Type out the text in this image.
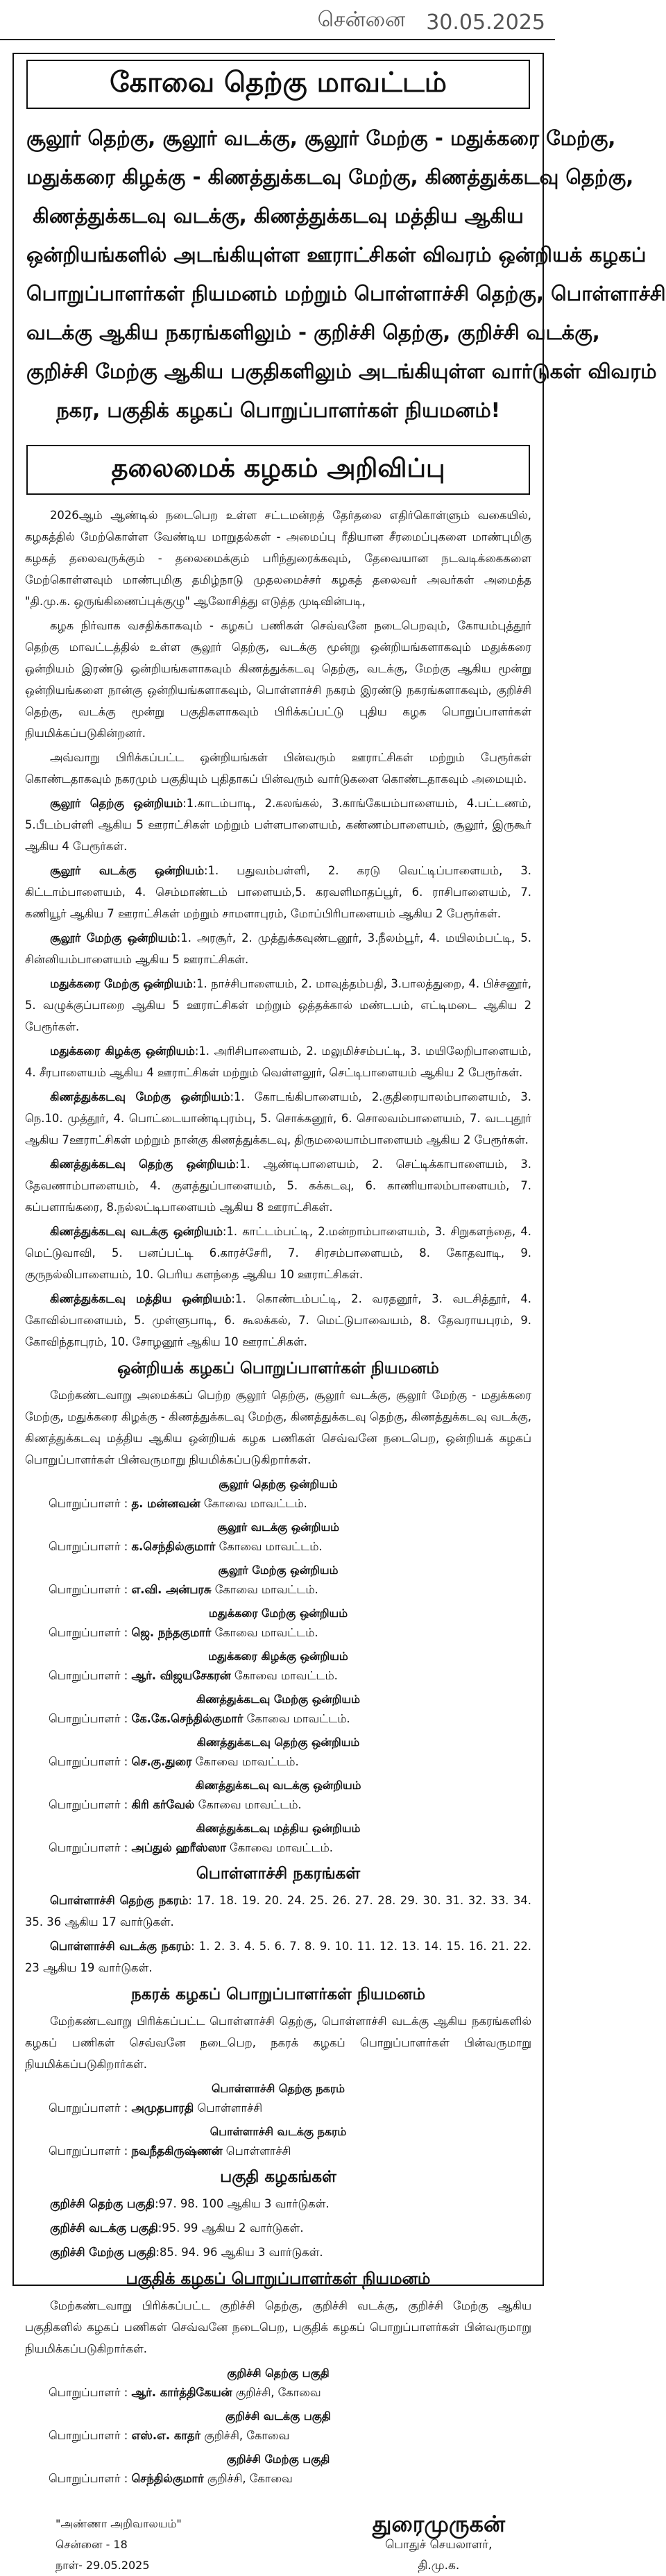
சென்னை 30.05.2025
கோவை தெற்கு மாவட்டம்
சூலூர் தெற்கு, சூலூர் வடக்கு, சூலூர் மேற்கு - மதுக்கரை மேற்கு,
மதுக்கரை கிழக்கு - கிணத்துக்கடவு மேற்கு, கிணத்துக்கடவு தெற்கு,
கிணத்துக்கடவு வடக்கு, கிணத்துக்கடவு மத்திய ஆகிய
ஒன்றியங்களில் அடங்கியுள்ள ஊராட்சிகள் விவரம் ஒன்றியக் கழகப்
பொறுப்பாளர்கள் நியமனம் மற்றும் பொள்ளாச்சி தெற்கு, பொள்ளாச்சி
வடக்கு ஆகிய நகரங்களிலும் - குறிச்சி தெற்கு, குறிச்சி வடக்கு,
குறிச்சி மேற்கு ஆகிய பகுதிகளிலும் அடங்கியுள்ள வார்டுகள் விவரம்
நகர, பகுதிக் கழகப் பொறுப்பாளர்கள் நியமனம்!
தலைமைக் கழகம் அறிவிப்பு

2026ஆம் ஆண்டில் நடைபெற உள்ள சட்டமன்றத் தேர்தலை எதிர்கொள்ளும் வகையில், கழகத்தில் மேற்கொள்ள வேண்டிய மாறுதல்கள் - அமைப்பு ரீதியான சீரமைப்புகளை மாண்புமிகு கழகத் தலைவருக்கும் - தலைமைக்கும் பரிந்துரைக்கவும், தேவையான நடவடிக்கைகளை மேற்கொள்ளவும் மாண்புமிகு தமிழ்நாடு முதலமைச்சர் கழகத் தலைவர் அவர்கள் அமைத்த "தி.மு.க. ஒருங்கிணைப்புக்குழு" ஆலோசித்து எடுத்த முடிவின்படி,

கழக நிர்வாக வசதிக்காகவும் - கழகப் பணிகள் செவ்வனே நடைபெறவும், கோயம்புத்தூர் தெற்கு மாவட்டத்தில் உள்ள சூலூர் தெற்கு, வடக்கு மூன்று ஒன்றியங்களாகவும் மதுக்கரை ஒன்றியம் இரண்டு ஒன்றியங்களாகவும் கிணத்துக்கடவு தெற்கு, வடக்கு, மேற்கு ஆகிய மூன்று ஒன்றியங்களை நான்கு ஒன்றியங்களாகவும், பொள்ளாச்சி நகரம் இரண்டு நகரங்களாகவும், குறிச்சி தெற்கு, வடக்கு மூன்று பகுதிகளாகவும் பிரிக்கப்பட்டு புதிய கழக பொறுப்பாளர்கள் நியமிக்கப்படுகின்றனர்.

அவ்வாறு பிரிக்கப்பட்ட ஒன்றியங்கள் பின்வரும் ஊராட்சிகள் மற்றும் பேரூர்கள் கொண்டதாகவும் நகரமும் பகுதியும் புதிதாகப் பின்வரும் வார்டுகளை கொண்டதாகவும் அமையும்.

சூலூர் தெற்கு ஒன்றியம்:1.காடம்பாடி, 2.கலங்கல், 3.காங்கேயம்பாளையம், 4.பட்டணம், 5.பீடம்பள்ளி ஆகிய 5 ஊராட்சிகள் மற்றும் பள்ளபாளையம், கண்ணம்பாளையம், சூலூர், இருகூர் ஆகிய 4 பேரூர்கள்.

சூலூர் வடக்கு ஒன்றியம்:1. பதுவம்பள்ளி, 2. கரடு வெட்டிப்பாளையம், 3. கிட்டாம்பாளையம், 4. செம்மாண்டம் பாளையம்,5. கரவளிமாதப்பூர், 6. ராசிபாளையம், 7. கணியூர் ஆகிய 7 ஊராட்சிகள் மற்றும் சாமளாபுரம், மோப்பிரிபாளையம் ஆகிய 2 பேரூர்கள்.

சூலூர் மேற்கு ஒன்றியம்:1. அரசூர், 2. முத்துக்கவுண்டனூர், 3.நீலம்பூர், 4. மயிலம்பட்டி, 5. சின்னியம்பாளையம் ஆகிய 5 ஊராட்சிகள்.

மதுக்கரை மேற்கு ஒன்றியம்:1. நாச்சிபாளையம், 2. மாவுத்தம்பதி, 3.பாலத்துறை, 4. பிச்சனூர், 5. வழுக்குப்பாறை ஆகிய 5 ஊராட்சிகள் மற்றும் ஒத்தக்கால் மண்டபம், எட்டிமடை ஆகிய 2 பேரூர்கள்.

மதுக்கரை கிழக்கு ஒன்றியம்:1. அரிசிபாளையம், 2. மலுமிச்சம்பட்டி, 3. மயிலேறிபாளையம், 4. சீரபாளையம் ஆகிய 4 ஊராட்சிகள் மற்றும் வெள்ளலூர், செட்டிபாளையம் ஆகிய 2 பேரூர்கள்.

கிணத்துக்கடவு மேற்கு ஒன்றியம்:1. கோடங்கிபாளையம், 2.குதிரையாலம்பாளையம், 3. நெ.10. முத்தூர், 4. பொட்டையாண்டிபுரம்பு, 5. சொக்கனூர், 6. சொலவம்பாளையம், 7. வடபுதூர் ஆகிய 7ஊராட்சிகள் மற்றும் நான்கு கிணத்துக்கடவு, திருமலையாம்பாளையம் ஆகிய 2 பேரூர்கள்.

கிணத்துக்கடவு தெற்கு ஒன்றியம்:1. ஆண்டிபாளையம், 2. செட்டிக்காபாளையம், 3. தேவணாம்பாளையம், 4. குளத்துப்பாளையம், 5. கக்கடவு, 6. காணியாலம்பாளையம், 7. கப்பளாங்கரை, 8.நல்லட்டிபாளையம் ஆகிய 8 ஊராட்சிகள்.

கிணத்துக்கடவு வடக்கு ஒன்றியம்:1. காட்டம்பட்டி, 2.மன்றாம்பாளையம், 3. சிறுகளந்தை, 4. மெட்டுவாவி, 5. பனப்பட்டி 6.காரச்சேரி, 7. சிரசம்பாளையம், 8. கோதவாடி, 9. குருநல்லிபாளையம், 10. பெரிய களந்தை ஆகிய 10 ஊராட்சிகள்.

கிணத்துக்கடவு மத்திய ஒன்றியம்:1. கொண்டம்பட்டி, 2. வரதனூர், 3. வடசித்தூர், 4. கோவில்பாளையம், 5. முள்ளுபாடி, 6. கூலக்கல், 7. மெட்டுபாவையம், 8. தேவராயபுரம், 9. கோவிந்தாபுரம், 10. சோழனூர் ஆகிய 10 ஊராட்சிகள்.

ஒன்றியக் கழகப் பொறுப்பாளர்கள் நியமனம்

மேற்கண்டவாறு அமைக்கப் பெற்ற சூலூர் தெற்கு, சூலூர் வடக்கு, சூலூர் மேற்கு - மதுக்கரை மேற்கு, மதுக்கரை கிழக்கு - கிணத்துக்கடவு மேற்கு, கிணத்துக்கடவு தெற்கு, கிணத்துக்கடவு வடக்கு, கிணத்துக்கடவு மத்திய ஆகிய ஒன்றியக் கழக பணிகள் செவ்வனே நடைபெற, ஒன்றியக் கழகப் பொறுப்பாளர்கள் பின்வருமாறு நியமிக்கப்படுகிறார்கள்.

சூலூர் தெற்கு ஒன்றியம்
பொறுப்பாளர் : த. மன்னவன் கோவை மாவட்டம்.
சூலூர் வடக்கு ஒன்றியம்
பொறுப்பாளர் : க.செந்தில்குமார் கோவை மாவட்டம்.
சூலூர் மேற்கு ஒன்றியம்
பொறுப்பாளர் : எ.வி. அன்பரசு கோவை மாவட்டம்.
மதுக்கரை மேற்கு ஒன்றியம்
பொறுப்பாளர் : ஜெ. நந்தகுமார் கோவை மாவட்டம்.
மதுக்கரை கிழக்கு ஒன்றியம்
பொறுப்பாளர் : ஆர். விஜயசேகரன் கோவை மாவட்டம்.
கிணத்துக்கடவு மேற்கு ஒன்றியம்
பொறுப்பாளர் : கே.கே.செந்தில்குமார் கோவை மாவட்டம்.
கிணத்துக்கடவு தெற்கு ஒன்றியம்
பொறுப்பாளர் : செ.கு.துரை கோவை மாவட்டம்.
கிணத்துக்கடவு வடக்கு ஒன்றியம்
பொறுப்பாளர் : கிரி கர்வேல் கோவை மாவட்டம்.
கிணத்துக்கடவு மத்திய ஒன்றியம்
பொறுப்பாளர் : அப்துல் ஹரீஸ்ஸா கோவை மாவட்டம்.
பொள்ளாச்சி நகரங்கள்

பொள்ளாச்சி தெற்கு நகரம்: 17. 18. 19. 20. 24. 25. 26. 27. 28. 29. 30. 31. 32. 33. 34. 35. 36 ஆகிய 17 வார்டுகள்.

பொள்ளாச்சி வடக்கு நகரம்: 1. 2. 3. 4. 5. 6. 7. 8. 9. 10. 11. 12. 13. 14. 15. 16. 21. 22. 23 ஆகிய 19 வார்டுகள்.

நகரக் கழகப் பொறுப்பாளர்கள் நியமனம்

மேற்கண்டவாறு பிரிக்கப்பட்ட பொள்ளாச்சி தெற்கு, பொள்ளாச்சி வடக்கு ஆகிய நகரங்களில் கழகப் பணிகள் செவ்வனே நடைபெற, நகரக் கழகப் பொறுப்பாளர்கள் பின்வருமாறு நியமிக்கப்படுகிறார்கள்.

பொள்ளாச்சி தெற்கு நகரம்
பொறுப்பாளர் : அமுதபாரதி பொள்ளாச்சி
பொள்ளாச்சி வடக்கு நகரம்
பொறுப்பாளர் : நவநீதகிருஷ்ணன் பொள்ளாச்சி
பகுதி கழகங்கள்

குறிச்சி தெற்கு பகுதி:97. 98. 100 ஆகிய 3 வார்டுகள்.

குறிச்சி வடக்கு பகுதி:95. 99 ஆகிய 2 வார்டுகள்.

குறிச்சி மேற்கு பகுதி:85. 94. 96 ஆகிய 3 வார்டுகள்.

பகுதிக் கழகப் பொறுப்பாளர்கள் நியமனம்

மேற்கண்டவாறு பிரிக்கப்பட்ட குறிச்சி தெற்கு, குறிச்சி வடக்கு, குறிச்சி மேற்கு ஆகிய பகுதிகளில் கழகப் பணிகள் செவ்வனே நடைபெற, பகுதிக் கழகப் பொறுப்பாளர்கள் பின்வருமாறு நியமிக்கப்படுகிறார்கள்.

குறிச்சி தெற்கு பகுதி
பொறுப்பாளர் : ஆர். கார்த்திகேயன் குறிச்சி, கோவை
குறிச்சி வடக்கு பகுதி
பொறுப்பாளர் : எஸ்.எ. காதர் குறிச்சி, கோவை
குறிச்சி மேற்கு பகுதி
பொறுப்பாளர் : செந்தில்குமார் குறிச்சி, கோவை
"அண்ணா அறிவாலயம்"
சென்னை - 18
நாள்- 29.05.2025
துரைமுருகன்
பொதுச் செயலாளர்,
தி.மு.க.
